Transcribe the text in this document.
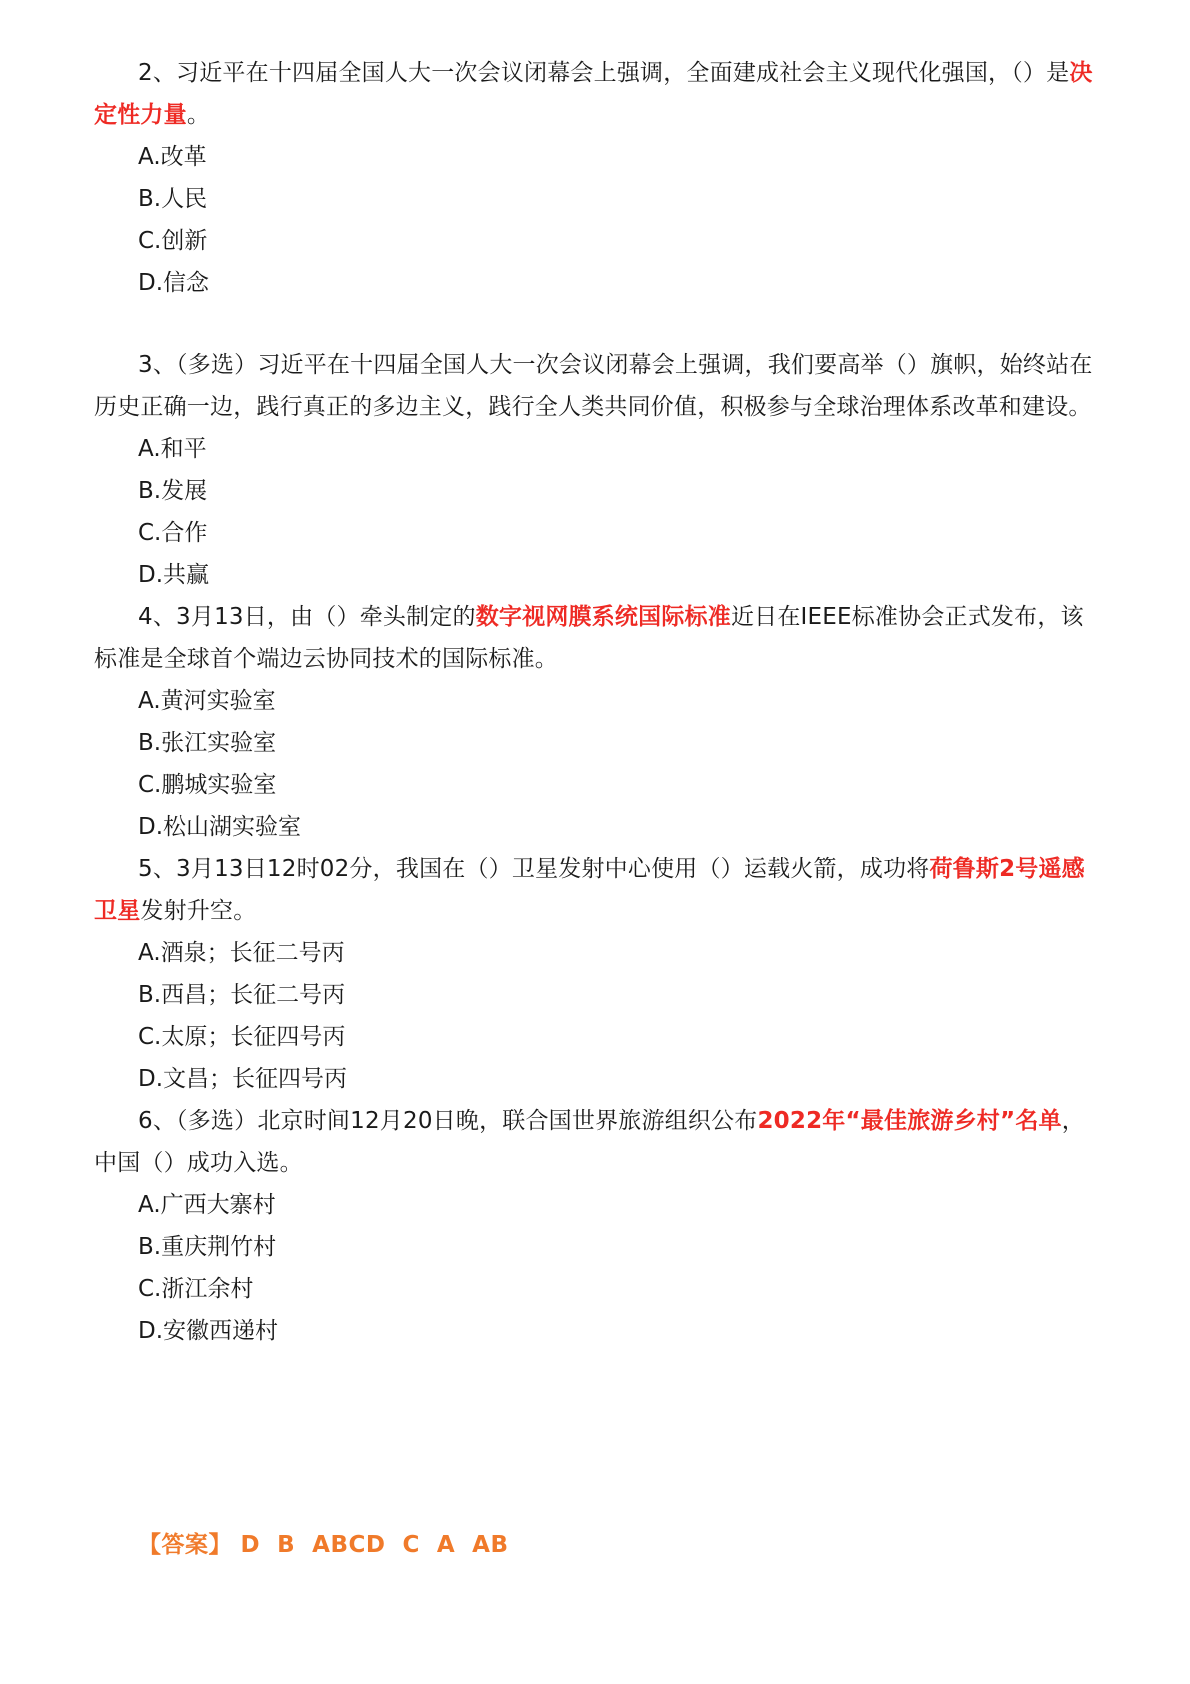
2、习近平在十四届全国人大一次会议闭幕会上强调，全面建成社会主义现代化强国，（）是决定性力量。

A.改革

B.人民

C.创新

D.信念

3、（多选）习近平在十四届全国人大一次会议闭幕会上强调，我们要高举（）旗帜，始终站在历史正确一边，践行真正的多边主义，践行全人类共同价值，积极参与全球治理体系改革和建设。

A.和平

B.发展

C.合作

D.共赢

4、3月13日，由（）牵头制定的数字视网膜系统国际标准近日在IEEE标准协会正式发布，该标准是全球首个端边云协同技术的国际标准。

A.黄河实验室

B.张江实验室

C.鹏城实验室

D.松山湖实验室

5、3月13日12时02分，我国在（）卫星发射中心使用（）运载火箭，成功将荷鲁斯2号遥感卫星发射升空。

A.酒泉；长征二号丙

B.西昌；长征二号丙

C.太原；长征四号丙

D.文昌；长征四号丙

6、（多选）北京时间12月20日晚，联合国世界旅游组织公布2022年“最佳旅游乡村”名单，中国（）成功入选。

A.广西大寨村

B.重庆荆竹村

C.浙江余村

D.安徽西递村

【答案】 D  B  ABCD  C  A  AB
